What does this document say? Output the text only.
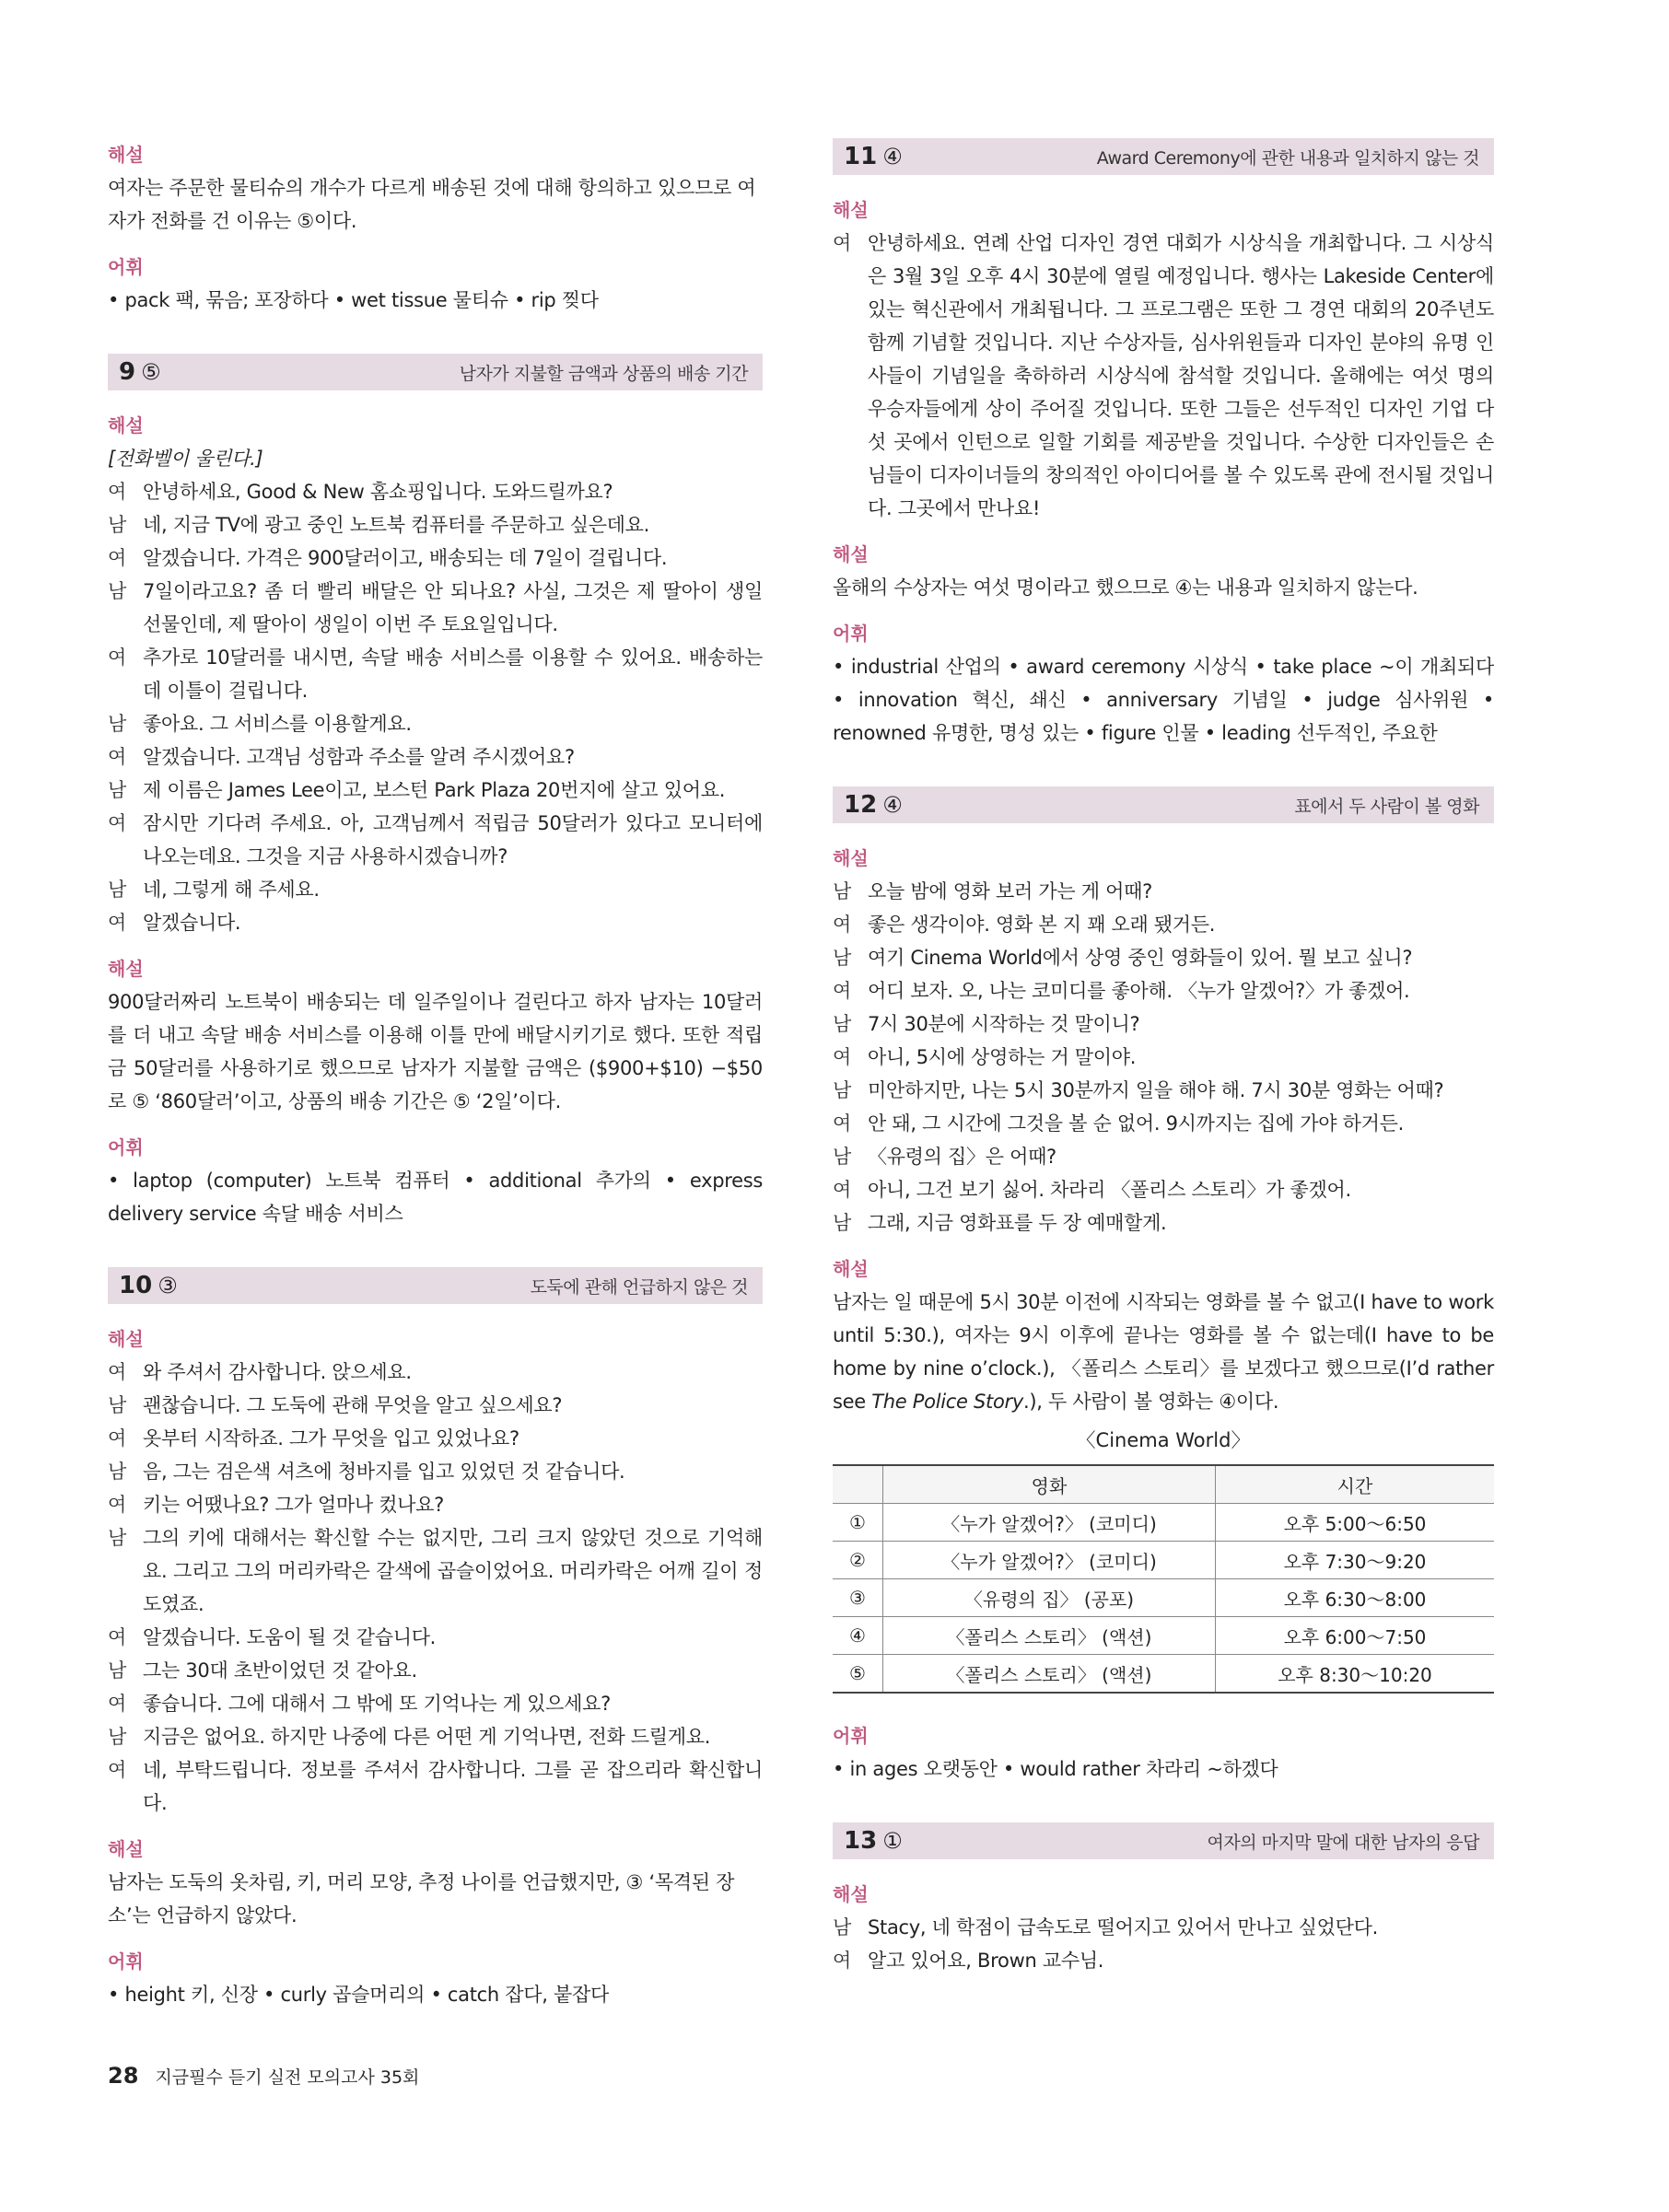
해설
여자는 주문한 물티슈의 개수가 다르게 배송된 것에 대해 항의하고 있으므로 여자가 전화를 건 이유는 ⑤이다.
어휘
• pack 팩, 묶음; 포장하다 • wet tissue 물티슈 • rip 찢다
9 ⑤	남자가 지불할 금액과 상품의 배송 기간
해설
[전화벨이 울린다.]
여 안녕하세요, Good & New 홈쇼핑입니다. 도와드릴까요?
남 네, 지금 TV에 광고 중인 노트북 컴퓨터를 주문하고 싶은데요.
여 알겠습니다. 가격은 900달러이고, 배송되는 데 7일이 걸립니다.
남 7일이라고요? 좀 더 빨리 배달은 안 되나요? 사실, 그것은 제 딸아이 생일 선물인데, 제 딸아이 생일이 이번 주 토요일입니다.
여 추가로 10달러를 내시면, 속달 배송 서비스를 이용할 수 있어요. 배송하는 데 이틀이 걸립니다.
남 좋아요. 그 서비스를 이용할게요.
여 알겠습니다. 고객님 성함과 주소를 알려 주시겠어요?
남 제 이름은 James Lee이고, 보스턴 Park Plaza 20번지에 살고 있어요.
여 잠시만 기다려 주세요. 아, 고객님께서 적립금 50달러가 있다고 모니터에 나오는데요. 그것을 지금 사용하시겠습니까?
남 네, 그렇게 해 주세요.
여 알겠습니다.
해설
900달러짜리 노트북이 배송되는 데 일주일이나 걸린다고 하자 남자는 10달러를 더 내고 속달 배송 서비스를 이용해 이틀 만에 배달시키기로 했다. 또한 적립금 50달러를 사용하기로 했으므로 남자가 지불할 금액은 ($900+$10) −$50로 ⑤ ‘860달러’이고, 상품의 배송 기간은 ⑤ ‘2일’이다.
어휘
• laptop (computer) 노트북 컴퓨터 • additional 추가의 • express delivery service 속달 배송 서비스
10 ③	도둑에 관해 언급하지 않은 것
해설
여 와 주셔서 감사합니다. 앉으세요.
남 괜찮습니다. 그 도둑에 관해 무엇을 알고 싶으세요?
여 옷부터 시작하죠. 그가 무엇을 입고 있었나요?
남 음, 그는 검은색 셔츠에 청바지를 입고 있었던 것 같습니다.
여 키는 어땠나요? 그가 얼마나 컸나요?
남 그의 키에 대해서는 확신할 수는 없지만, 그리 크지 않았던 것으로 기억해요. 그리고 그의 머리카락은 갈색에 곱슬이었어요. 머리카락은 어깨 길이 정도였죠.
여 알겠습니다. 도움이 될 것 같습니다.
남 그는 30대 초반이었던 것 같아요.
여 좋습니다. 그에 대해서 그 밖에 또 기억나는 게 있으세요?
남 지금은 없어요. 하지만 나중에 다른 어떤 게 기억나면, 전화 드릴게요.
여 네, 부탁드립니다. 정보를 주셔서 감사합니다. 그를 곧 잡으리라 확신합니다.
해설
남자는 도둑의 옷차림, 키, 머리 모양, 추정 나이를 언급했지만, ③ ‘목격된 장소’는 언급하지 않았다.
어휘
• height 키, 신장 • curly 곱슬머리의 • catch 잡다, 붙잡다
11 ④	Award Ceremony에 관한 내용과 일치하지 않는 것
해설
여 안녕하세요. 연례 산업 디자인 경연 대회가 시상식을 개최합니다. 그 시상식은 3월 3일 오후 4시 30분에 열릴 예정입니다. 행사는 Lakeside Center에 있는 혁신관에서 개최됩니다. 그 프로그램은 또한 그 경연 대회의 20주년도 함께 기념할 것입니다. 지난 수상자들, 심사위원들과 디자인 분야의 유명 인사들이 기념일을 축하하러 시상식에 참석할 것입니다. 올해에는 여섯 명의 우승자들에게 상이 주어질 것입니다. 또한 그들은 선두적인 디자인 기업 다섯 곳에서 인턴으로 일할 기회를 제공받을 것입니다. 수상한 디자인들은 손님들이 디자이너들의 창의적인 아이디어를 볼 수 있도록 관에 전시될 것입니다. 그곳에서 만나요!
해설
올해의 수상자는 여섯 명이라고 했으므로 ④는 내용과 일치하지 않는다.
어휘
• industrial 산업의 • award ceremony 시상식 • take place ~이 개최되다 • innovation 혁신, 쇄신 • anniversary 기념일 • judge 심사위원 • renowned 유명한, 명성 있는 • figure 인물 • leading 선두적인, 주요한
12 ④	표에서 두 사람이 볼 영화
해설
남 오늘 밤에 영화 보러 가는 게 어때?
여 좋은 생각이야. 영화 본 지 꽤 오래 됐거든.
남 여기 Cinema World에서 상영 중인 영화들이 있어. 뭘 보고 싶니?
여 어디 보자. 오, 나는 코미디를 좋아해. 〈누가 알겠어?〉가 좋겠어.
남 7시 30분에 시작하는 것 말이니?
여 아니, 5시에 상영하는 거 말이야.
남 미안하지만, 나는 5시 30분까지 일을 해야 해. 7시 30분 영화는 어때?
여 안 돼, 그 시간에 그것을 볼 순 없어. 9시까지는 집에 가야 하거든.
남 〈유령의 집〉은 어때?
여 아니, 그건 보기 싫어. 차라리 〈폴리스 스토리〉가 좋겠어.
남 그래, 지금 영화표를 두 장 예매할게.
해설
남자는 일 때문에 5시 30분 이전에 시작되는 영화를 볼 수 없고(I have to work until 5:30.), 여자는 9시 이후에 끝나는 영화를 볼 수 없는데(I have to be home by nine o’clock.), 〈폴리스 스토리〉를 보겠다고 했으므로(I’d rather see The Police Story.), 두 사람이 볼 영화는 ④이다.
〈Cinema World〉
	영화	시간
①	〈누가 알겠어?〉 (코미디)	오후 5:00～6:50
②	〈누가 알겠어?〉 (코미디)	오후 7:30～9:20
③	〈유령의 집〉 (공포)	오후 6:30～8:00
④	〈폴리스 스토리〉 (액션)	오후 6:00～7:50
⑤	〈폴리스 스토리〉 (액션)	오후 8:30～10:20
어휘
• in ages 오랫동안 • would rather 차라리 ~하겠다
13 ①	여자의 마지막 말에 대한 남자의 응답
해설
남 Stacy, 네 학점이 급속도로 떨어지고 있어서 만나고 싶었단다.
여 알고 있어요, Brown 교수님.
28 지금필수 듣기 실전 모의고사 35회
